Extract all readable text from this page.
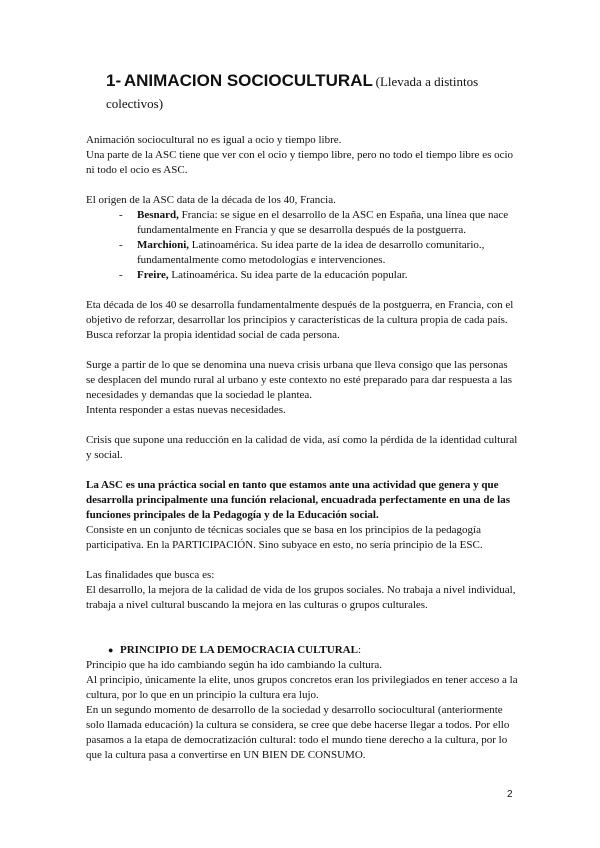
1- ANIMACION SOCIOCULTURAL (Llevada a distintos colectivos)

Animación sociocultural no es igual a ocio y tiempo libre.

Una parte de la ASC tiene que ver con el ocio y tiempo libre, pero no todo el tiempo libre es ocio ni todo el ocio es ASC.

El origen de la ASC data de la década de los 40, Francia.

- Besnard, Francia: se sigue en el desarrollo de la ASC en España, una línea que nace fundamentalmente en Francia y que se desarrolla después de la postguerra.
- Marchioni, Latinoamérica. Su idea parte de la idea de desarrollo comunitario., fundamentalmente como metodologías e intervenciones.
- Freire, Latinoamérica. Su idea parte de la educación popular.

Eta década de los 40 se desarrolla fundamentalmente después de la postguerra, en Francia, con el objetivo de reforzar, desarrollar los principios y características de la cultura propia de cada país. Busca reforzar la propia identidad social de cada persona.

Surge a partir de lo que se denomina una nueva crisis urbana que lleva consigo que las personas se desplacen del mundo rural al urbano y este contexto no esté preparado para dar respuesta a las necesidades y demandas que la sociedad le plantea.

Intenta responder a estas nuevas necesidades.

Crisis que supone una reducción en la calidad de vida, así como la pérdida de la identidad cultural y social.

La ASC es una práctica social en tanto que estamos ante una actividad que genera y que desarrolla principalmente una función relacional, encuadrada perfectamente en una de las funciones principales de la Pedagogía y de la Educación social.

Consiste en un conjunto de técnicas sociales que se basa en los principios de la pedagogía participativa. En la PARTICIPACIÓN. Sino subyace en esto, no sería principio de la ESC.

Las finalidades que busca es:

El desarrollo, la mejora de la calidad de vida de los grupos sociales. No trabaja a nivel individual, trabaja a nivel cultural buscando la mejora en las culturas o grupos culturales.

● PRINCIPIO DE LA DEMOCRACIA CULTURAL:

Principio que ha ido cambiando según ha ido cambiando la cultura.

Al principio, únicamente la elite, unos grupos concretos eran los privilegiados en tener acceso a la cultura, por lo que en un principio la cultura era lujo.

En un segundo momento de desarrollo de la sociedad y desarrollo sociocultural (anteriormente solo llamada educación) la cultura se considera, se cree que debe hacerse llegar a todos. Por ello pasamos a la etapa de democratización cultural: todo el mundo tiene derecho a la cultura, por lo que la cultura pasa a convertirse en UN BIEN DE CONSUMO.

2
